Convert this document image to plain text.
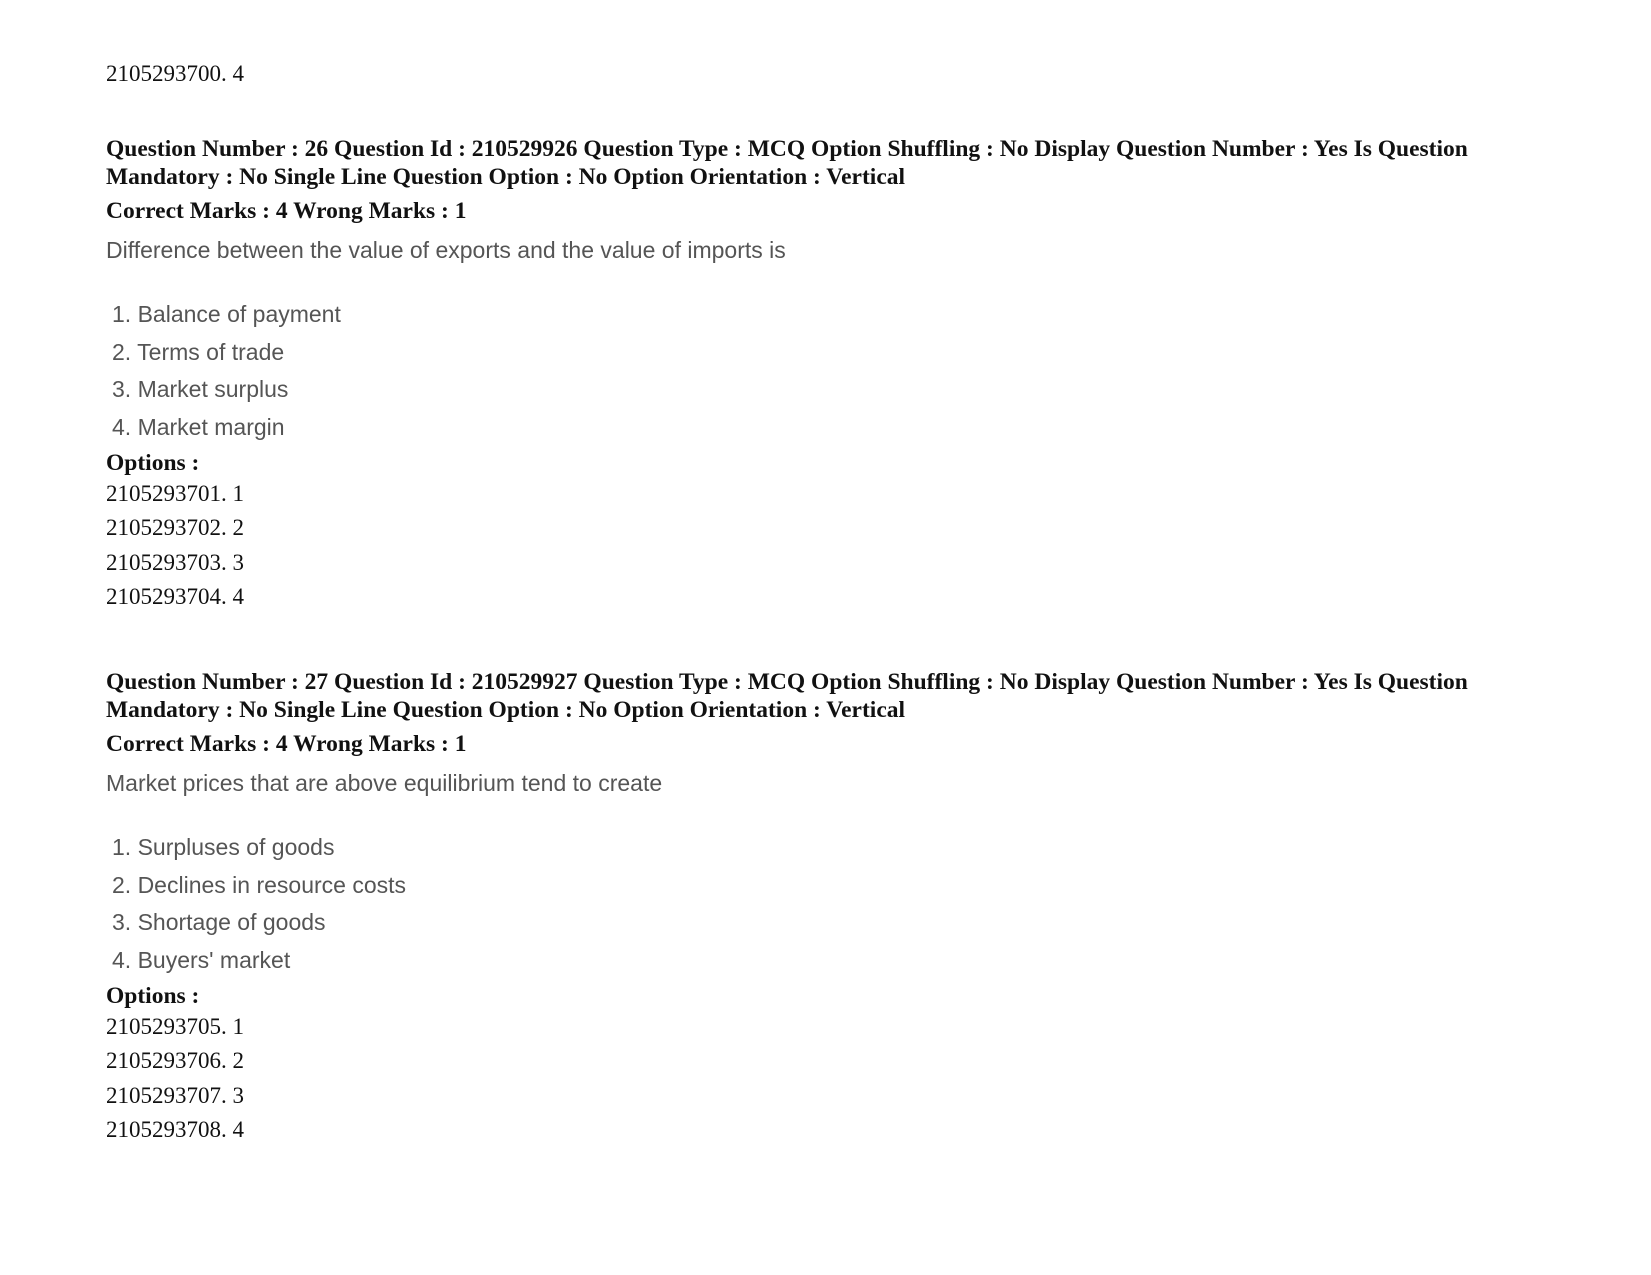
2105293700. 4

Question Number : 26 Question Id : 210529926 Question Type : MCQ Option Shuffling : No Display Question Number : Yes Is Question Mandatory : No Single Line Question Option : No Option Orientation : Vertical

Correct Marks : 4 Wrong Marks : 1
Difference between the value of exports and the value of imports is
1. Balance of payment
2. Terms of trade
3. Market surplus
4. Market margin
Options :
2105293701. 1
2105293702. 2
2105293703. 3
2105293704. 4

Question Number : 27 Question Id : 210529927 Question Type : MCQ Option Shuffling : No Display Question Number : Yes Is Question Mandatory : No Single Line Question Option : No Option Orientation : Vertical

Correct Marks : 4 Wrong Marks : 1
Market prices that are above equilibrium tend to create
1. Surpluses of goods
2. Declines in resource costs
3. Shortage of goods
4. Buyers' market
Options :
2105293705. 1
2105293706. 2
2105293707. 3
2105293708. 4
